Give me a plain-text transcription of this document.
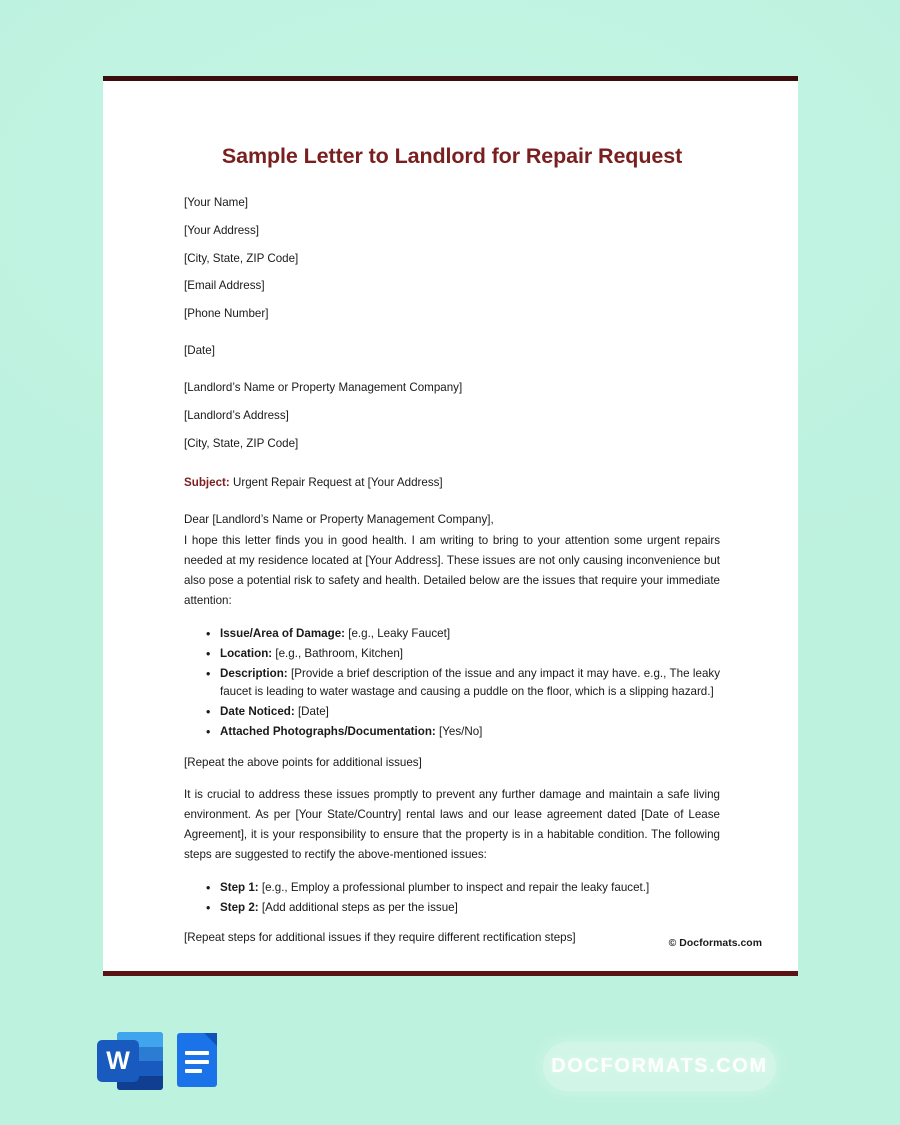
Sample Letter to Landlord for Repair Request
[Your Name]
[Your Address]
[City, State, ZIP Code]
[Email Address]
[Phone Number]
[Date]
[Landlord’s Name or Property Management Company]
[Landlord’s Address]
[City, State, ZIP Code]
Subject: Urgent Repair Request at [Your Address]
Dear [Landlord’s Name or Property Management Company],
I hope this letter finds you in good health. I am writing to bring to your attention some urgent repairs needed at my residence located at [Your Address]. These issues are not only causing inconvenience but also pose a potential risk to safety and health. Detailed below are the issues that require your immediate attention:
• Issue/Area of Damage: [e.g., Leaky Faucet]
• Location: [e.g., Bathroom, Kitchen]
• Description: [Provide a brief description of the issue and any impact it may have. e.g., The leaky faucet is leading to water wastage and causing a puddle on the floor, which is a slipping hazard.]
• Date Noticed: [Date]
• Attached Photographs/Documentation: [Yes/No]
[Repeat the above points for additional issues]
It is crucial to address these issues promptly to prevent any further damage and maintain a safe living environment. As per [Your State/Country] rental laws and our lease agreement dated [Date of Lease Agreement], it is your responsibility to ensure that the property is in a habitable condition. The following steps are suggested to rectify the above-mentioned issues:
• Step 1: [e.g., Employ a professional plumber to inspect and repair the leaky faucet.]
• Step 2: [Add additional steps as per the issue]
[Repeat steps for additional issues if they require different rectification steps]	© Docformats.com
W	DOCFORMATS.COM
